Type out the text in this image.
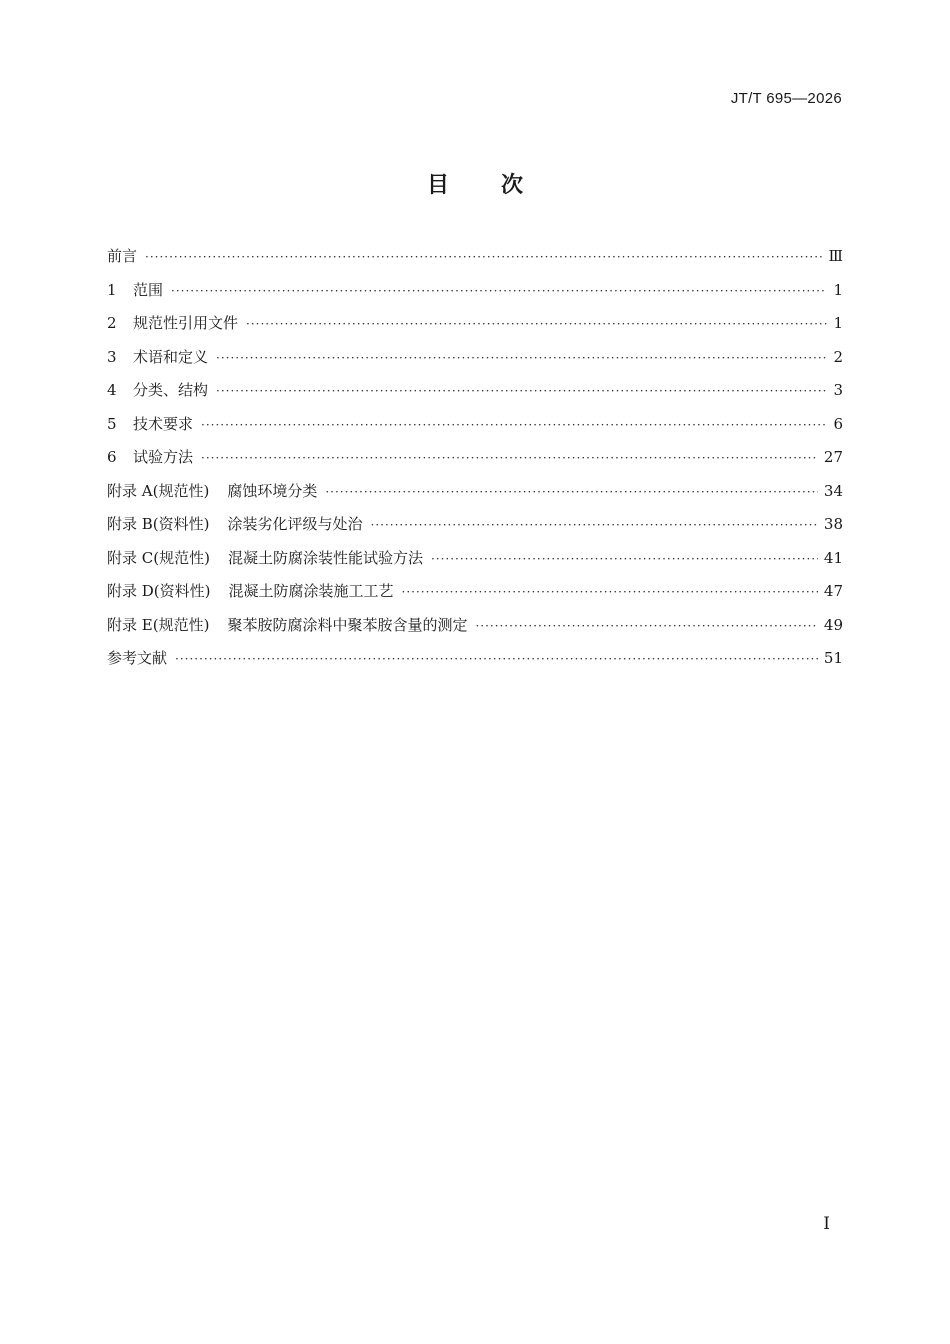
JT/T 695—2026
目 次
前言 ·····	Ⅲ
1 范围 ·····	1
2 规范性引用文件 ·····	1
3 术语和定义 ·····	2
4 分类、结构 ·····	3
5 技术要求 ·····	6
6 试验方法 ·····	27
附录 A(规范性) 腐蚀环境分类 ·····	34
附录 B(资料性) 涂装劣化评级与处治 ·····	38
附录 C(规范性) 混凝土防腐涂装性能试验方法 ·····	41
附录 D(资料性) 混凝土防腐涂装施工工艺 ·····	47
附录 E(规范性) 聚苯胺防腐涂料中聚苯胺含量的测定 ·····	49
参考文献 ·····	51
I
